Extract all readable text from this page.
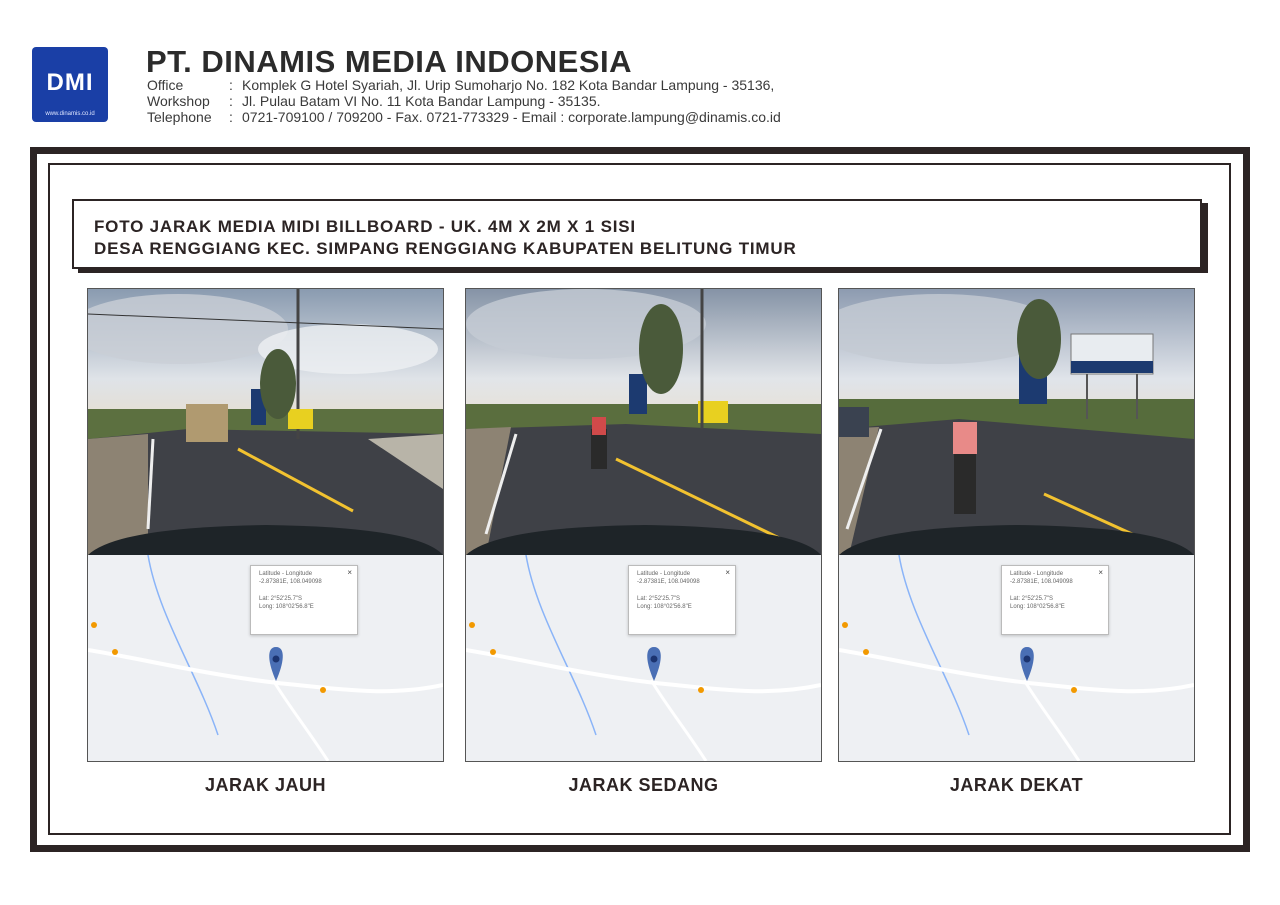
DMI
www.dinamis.co.id
PT. DINAMIS MEDIA INDONESIA
Office	: Komplek G Hotel Syariah, Jl. Urip Sumoharjo No. 182 Kota Bandar Lampung - 35136,
Workshop : Jl. Pulau Batam VI No. 11 Kota Bandar Lampung - 35135.
Telephone : 0721-709100 / 709200 - Fax. 0721-773329 - Email : corporate.lampung@dinamis.co.id
FOTO JARAK MEDIA MIDI BILLBOARD - UK. 4M X 2M X 1 SISI
DESA RENGGIANG KEC. SIMPANG RENGGIANG KABUPATEN BELITUNG TIMUR
×
Latitude - Longitude
-2.87381E, 108.049098
Lat: 2°52'25.7"S
Long: 108°02'56.8"E
×
Latitude - Longitude
-2.87381E, 108.049098
Lat: 2°52'25.7"S
Long: 108°02'56.8"E
×
Latitude - Longitude
-2.87381E, 108.049098
Lat: 2°52'25.7"S
Long: 108°02'56.8"E
JARAK JAUH	JARAK SEDANG	JARAK DEKAT
